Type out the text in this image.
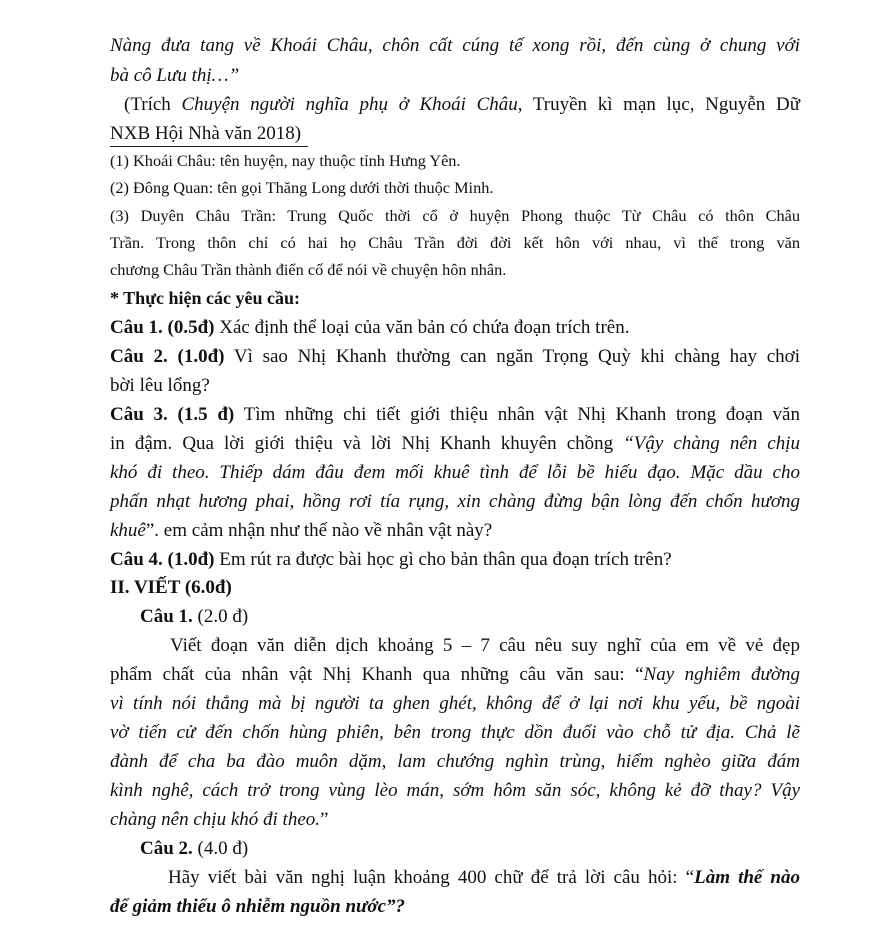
Nàng đưa tang về Khoái Châu, chôn cất cúng tế xong rồi, đến cùng ở chung với
bà cô Lưu thị…”
(Trích Chuyện người nghĩa phụ ở Khoái Châu, Truyền kì mạn lục, Nguyễn Dữ
NXB Hội Nhà văn 2018)
(1) Khoái Châu: tên huyện, nay thuộc tỉnh Hưng Yên.
(2) Đông Quan: tên gọi Thăng Long dưới thời thuộc Minh.
(3) Duyên Châu Trần: Trung Quốc thời cổ ở huyện Phong thuộc Từ Châu có thôn Châu
Trần. Trong thôn chỉ có hai họ Châu Trần đời đời kết hôn với nhau, vì thế trong văn
chương Châu Trần thành điển cố để nói về chuyện hôn nhân.
* Thực hiện các yêu cầu:
Câu 1. (0.5đ) Xác định thể loại của văn bản có chứa đoạn trích trên.
Câu 2. (1.0đ) Vì sao Nhị Khanh thường can ngăn Trọng Quỳ khi chàng hay chơi
bời lêu lổng?
Câu 3. (1.5 đ) Tìm những chi tiết giới thiệu nhân vật Nhị Khanh trong đoạn văn
in đậm. Qua lời giới thiệu và lời Nhị Khanh khuyên chồng “Vậy chàng nên chịu
khó đi theo. Thiếp dám đâu đem mối khuê tình để lỗi bề hiếu đạo. Mặc dầu cho
phấn nhạt hương phai, hồng rơi tía rụng, xin chàng đừng bận lòng đến chốn hương
khuê”. em cảm nhận như thế nào về nhân vật này?
Câu 4. (1.0đ) Em rút ra được bài học gì cho bản thân qua đoạn trích trên?
II. VIẾT (6.0đ)
Câu 1. (2.0 đ)
Viết đoạn văn diễn dịch khoảng 5 – 7 câu nêu suy nghĩ của em về vẻ đẹp
phẩm chất của nhân vật Nhị Khanh qua những câu văn sau: “Nay nghiêm đường
vì tính nói thẳng mà bị người ta ghen ghét, không để ở lại nơi khu yếu, bề ngoài
vờ tiến cử đến chốn hùng phiên, bên trong thực dồn đuổi vào chỗ tử địa. Chả lẽ
đành để cha ba đào muôn dặm, lam chướng nghìn trùng, hiểm nghèo giữa đám
kình nghê, cách trở trong vùng lèo mán, sớm hôm săn sóc, không kẻ đỡ thay? Vậy
chàng nên chịu khó đi theo.”
Câu 2. (4.0 đ)
Hãy viết bài văn nghị luận khoảng 400 chữ để trả lời câu hỏi: “Làm thế nào
để giảm thiểu ô nhiễm nguồn nước”?
